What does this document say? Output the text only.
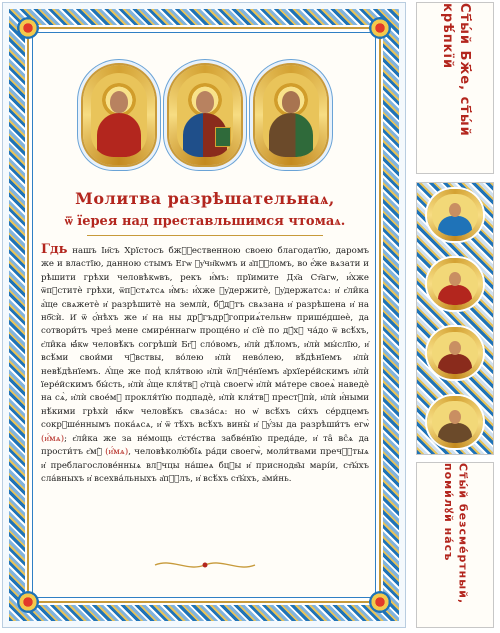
Молитва разрѣшательнаѧ,
ѿ їерея над преставльшимся чтомаѧ.
Гдь нашъ Іи҃съ Хрїстосъ бжⷭ҇ественною своею благодатїю, даромъ же и властїю, данною стымъ Егѡ ᲂу҆чн҃кѡмъ и а҆пⷭ҇ломъ, во е҆́же вѧзати и рѣшити грѣхи человѣкѡвъ, рекъ и҆́мъ: прїимите Дх҃а Ст҃агѡ, и҆́хже ѿпꙋститѐ грѣхи, ѿпꙋстѧтсѧ и҆́мъ: и҆́хже ᲂу҆держитѐ, ᲂу҆держатсѧ: и҆ є҆ли̑ка а҆́ще свѧжетѐ и҆ разрѣшитѐ на землѝ, бꙋ́дꙋтъ свѧзана и҆ разрѣшена и҆ на нб҃сѝ. И҆ ѿ ѻ҆́нѣхъ же и҆ на ны дрꙋ́гъдрꙋ́гоприѧ́тельнѡ прише́дшеѐ, да сотвори́тъ чрез̾ мене смире́ннагѡ проще́но и҆ сїѐ по дꙋ́хꙋ ча́до ѿ всѣ́хъ, є҆ли̑ка ꙗ҆́кѡ человѣ́къ согрѣшѝ Бг҃ꙋ сло́вомъ, и҆лѝ дѣ́ломъ, и҆лѝ мы́слїю, и҆ всѣ́ми свои́ми чꙋ́вствы, во́лею и҆лѝ нево́лею, вѣ́дѣнїемъ и҆лѝ невѣ́дѣнїемъ. А҆́ще же под̾ кля́твою и҆лѝ ѿлꙋче́нїемъ а҆рхїере́йскимъ и҆лѝ їере́йскимъ бы́сть, и҆лѝ а҆́ще кля́твꙋ ѻ҆тца̀ своегѡ̀ и҆лѝ ма́тере своеѧ̀ наведѐ на сѧ̀, и҆лѝ свое́мꙋ прокля́тїю подпадѐ, и҆лѝ кля́твꙋ престꙋпѝ, и҆лѝ и҆́ными нѣ́кими грѣхѝ ꙗ҆́кѡ человѣ́къ свѧза́сѧ: но ѡ҆ всѣ́хъ си́хъ се́рдцемъ сокрꙋше́ннымъ пока́ѧсѧ, и҆ ѿ тѣ́хъ всѣ́хъ вины̀ и҆ ᲂу҆́зы да разрѣши́тъ егѡ̀ (и҆́мѧ); є҆ли̑ка же за не́мощь є҆сте́ства забве́нїю преда́де, и҆ та̑ вс̑ѧ да прости́тъ є҆мꙋ̀ (и҆́мѧ), человѣколю́бїѧ ра́ди своегѡ̀, моли́твами пречⷭ҇тыѧ и҆ преблагослове́нныѧ влⷣчцы на́шеѧ бцⷣы и҆ приснодв҃ы марі́и, ст҃ы́хъ сла́вныхъ и҆ всехва́льныхъ а҆пⷭ҇лъ, и҆ всѣ́хъ ст҃ы́хъ, а҆ми́нь.
Ст҃ы́й Бж҃е, ст҃ы́й крѣ́пкїй
Ст҃ы́й безсме́ртный, поми́лꙋй на́съ
